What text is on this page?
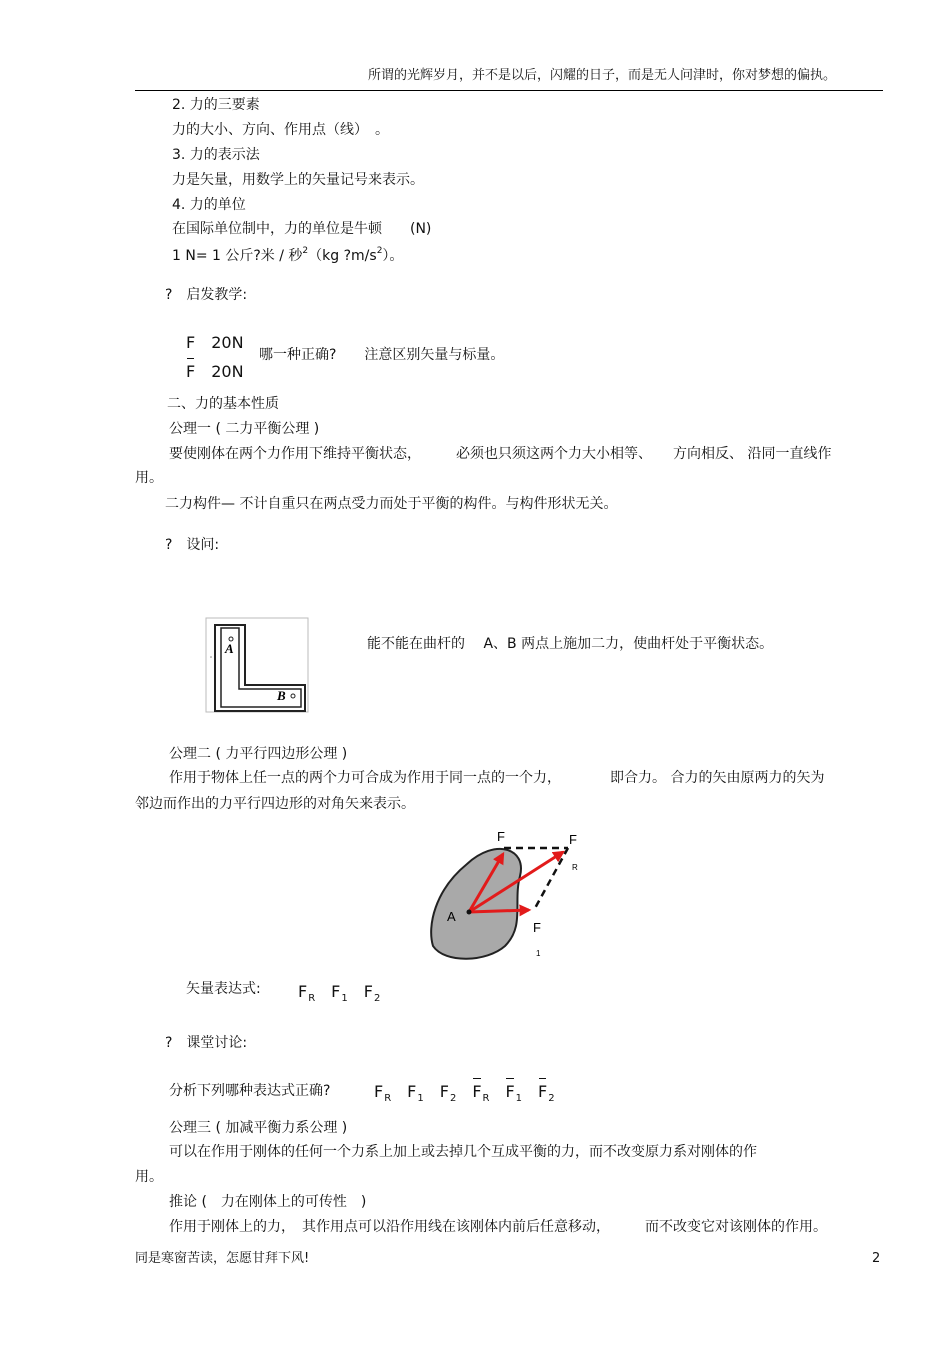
所谓的光辉岁月，并不是以后，闪耀的日子，而是无人问津时，你对梦想的偏执。
2. 力的三要素
力的大小、方向、作用点（线）　。
3. 力的表示法
力是矢量，用数学上的矢量记号来表示。
4. 力的单位
在国际单位制中，力的单位是牛顿　　(N)
1 N= 1 公斤?米 / 秒$^2$（kg $?m/s^2$）。
?　启发教学:
F 20N
F 20N
哪一种正确?　　注意区别矢量与标量。
二、力的基本性质
公理一 ( 二力平衡公理 )
要使刚体在两个力作用下维持平衡状态，　　　必须也只须这两个力大小相等、　　方向相反、 沿同一直线作
用。
二力构件— 不计自重只在两点受力而处于平衡的构件。与构件形状无关。
?　设问:
A
B
能不能在曲杆的　 A、B 两点上施加二力，使曲杆处于平衡状态。
公理二 ( 力平行四边形公理 )
作用于物体上任一点的两个力可合成为作用于同一点的一个力，　　　　即合力。 合力的矢由原两力的矢为
邻边而作出的力平行四边形的对角矢来表示。
A
F	F
R
F
1
矢量表达式: $F_R$ $F_1$ $F_2$
?　课堂讨论:
分析下列哪种表达式正确?	$F_R$ $F_1$ $F_2$ $F_R$ $F_1$ $F_2$
公理三 ( 加减平衡力系公理 )
可以在作用于刚体的任何一个力系上加上或去掉几个互成平衡的力，而不改变原力系对刚体的作
用。
推论 (　力在刚体上的可传性　)
作用于刚体上的力，　其作用点可以沿作用线在该刚体内前后任意移动，　　　而不改变它对该刚体的作用。
同是寒窗苦读，怎愿甘拜下风!	2
